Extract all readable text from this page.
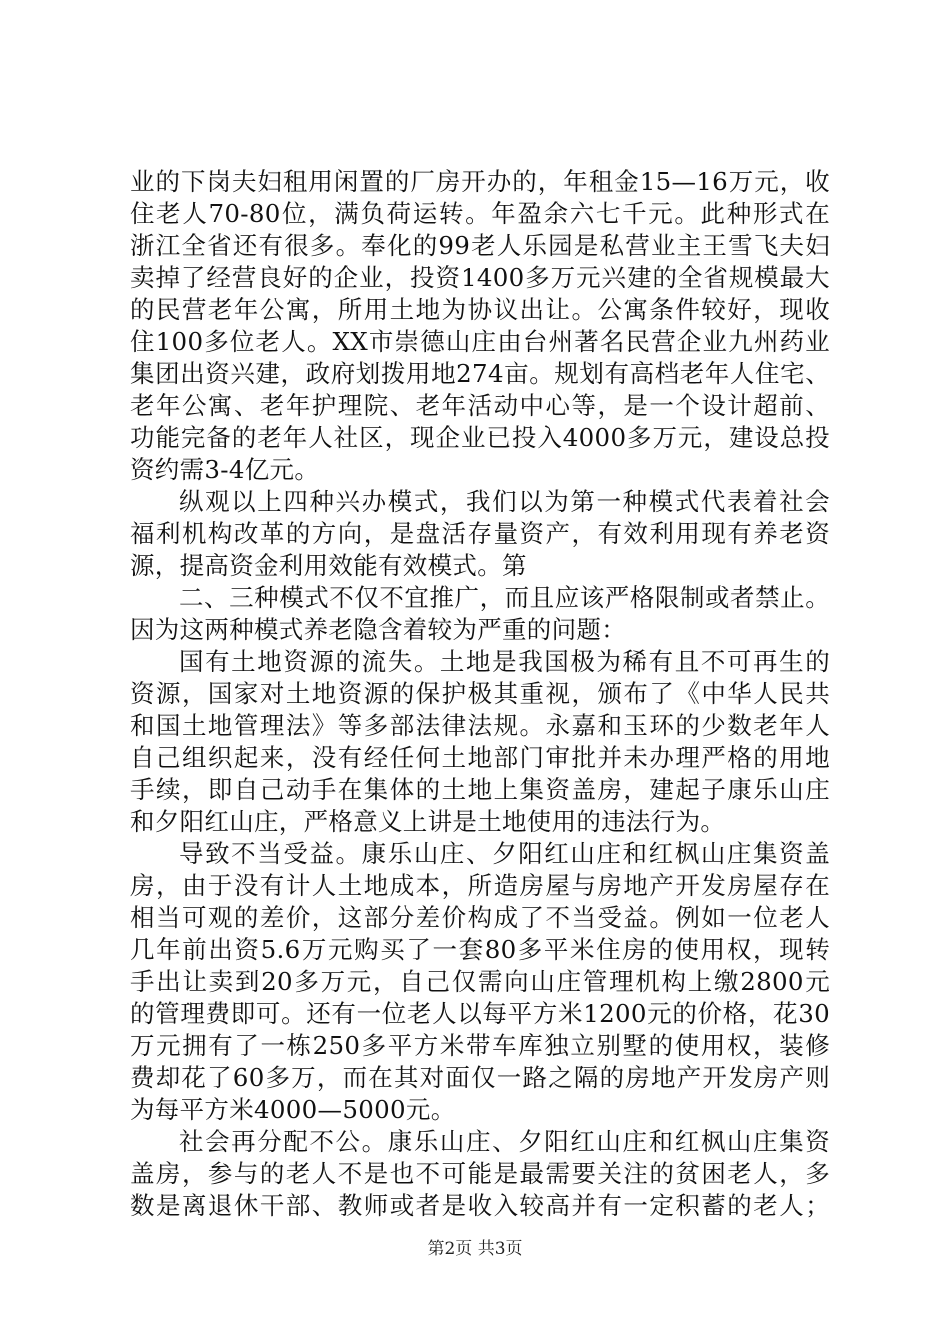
业的下岗夫妇租用闲置的厂房开办的，年租金15—16万元，收
住老人70-80位，满负荷运转。年盈余六七千元。此种形式在
浙江全省还有很多。奉化的99老人乐园是私营业主王雪飞夫妇
卖掉了经营良好的企业，投资1400多万元兴建的全省规模最大
的民营老年公寓，所用土地为协议出让。公寓条件较好，现收
住100多位老人。XX市崇德山庄由台州著名民营企业九州药业
集团出资兴建，政府划拨用地274亩。规划有高档老年人住宅、
老年公寓、老年护理院、老年活动中心等，是一个设计超前、
功能完备的老年人社区，现企业已投入4000多万元，建设总投
资约需3-4亿元。
纵观以上四种兴办模式，我们以为第一种模式代表着社会
福利机构改革的方向，是盘活存量资产，有效利用现有养老资
源，提高资金利用效能有效模式。第
二、三种模式不仅不宜推广，而且应该严格限制或者禁止。
因为这两种模式养老隐含着较为严重的问题：
国有土地资源的流失。土地是我国极为稀有且不可再生的
资源，国家对土地资源的保护极其重视，颁布了《中华人民共
和国土地管理法》等多部法律法规。永嘉和玉环的少数老年人
自己组织起来，没有经任何土地部门审批并未办理严格的用地
手续，即自己动手在集体的土地上集资盖房，建起子康乐山庄
和夕阳红山庄，严格意义上讲是土地使用的违法行为。
导致不当受益。康乐山庄、夕阳红山庄和红枫山庄集资盖
房，由于没有计人土地成本，所造房屋与房地产开发房屋存在
相当可观的差价，这部分差价构成了不当受益。例如一位老人
几年前出资5.6万元购买了一套80多平米住房的使用权，现转
手出让卖到20多万元，自己仅需向山庄管理机构上缴2800元
的管理费即可。还有一位老人以每平方米1200元的价格，花30
万元拥有了一栋250多平方米带车库独立别墅的使用权，装修
费却花了60多万，而在其对面仅一路之隔的房地产开发房产则
为每平方米4000—5000元。
社会再分配不公。康乐山庄、夕阳红山庄和红枫山庄集资
盖房，参与的老人不是也不可能是最需要关注的贫困老人，多
数是离退休干部、教师或者是收入较高并有一定积蓄的老人；
第2页 共3页
